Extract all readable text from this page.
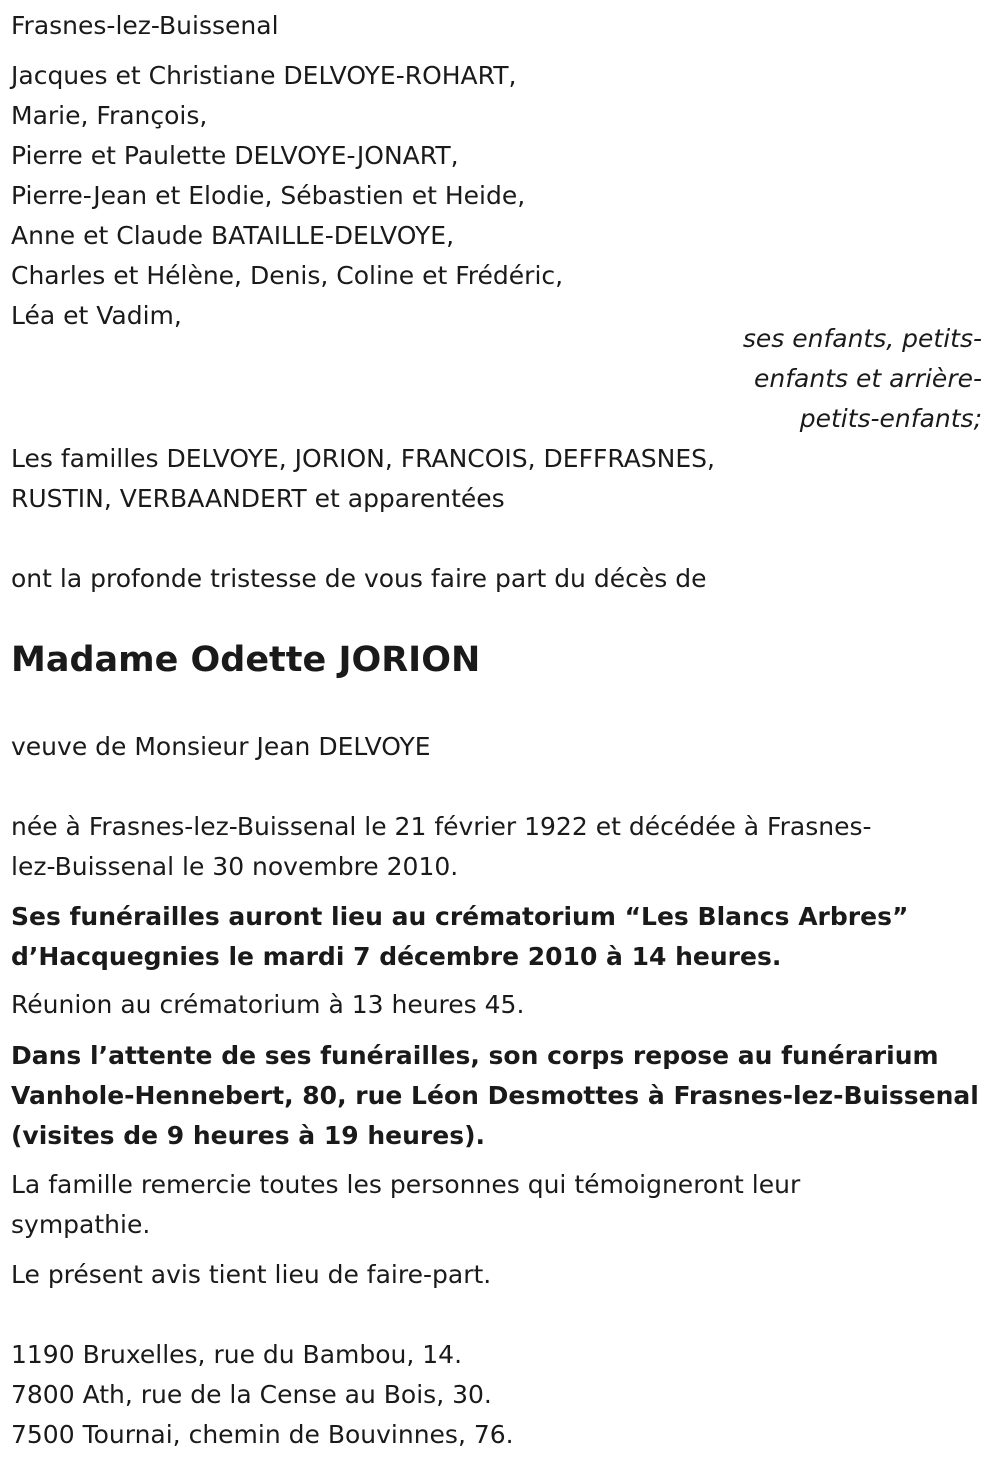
Frasnes-lez-Buissenal
Jacques et Christiane DELVOYE-ROHART,
Marie, François,
Pierre et Paulette DELVOYE-JONART,
Pierre-Jean et Elodie, Sébastien et Heide,
Anne et Claude BATAILLE-DELVOYE,
Charles et Hélène, Denis, Coline et Frédéric,
Léa et Vadim,
ses enfants, petits-
enfants et arrière-
petits-enfants;
Les familles DELVOYE, JORION, FRANCOIS, DEFFRASNES,
RUSTIN, VERBAANDERT et apparentées
ont la profonde tristesse de vous faire part du décès de
Madame Odette JORION
veuve de Monsieur Jean DELVOYE
née à Frasnes-lez-Buissenal le 21 février 1922 et décédée à Frasnes-
lez-Buissenal le 30 novembre 2010.
Ses funérailles auront lieu au crématorium “Les Blancs Arbres”
d’Hacquegnies le mardi 7 décembre 2010 à 14 heures.
Réunion au crématorium à 13 heures 45.
Dans l’attente de ses funérailles, son corps repose au funérarium
Vanhole-Hennebert, 80, rue Léon Desmottes à Frasnes-lez-Buissenal
(visites de 9 heures à 19 heures).
La famille remercie toutes les personnes qui témoigneront leur
sympathie.
Le présent avis tient lieu de faire-part.
1190 Bruxelles, rue du Bambou, 14.
7800 Ath, rue de la Cense au Bois, 30.
7500 Tournai, chemin de Bouvinnes, 76.
